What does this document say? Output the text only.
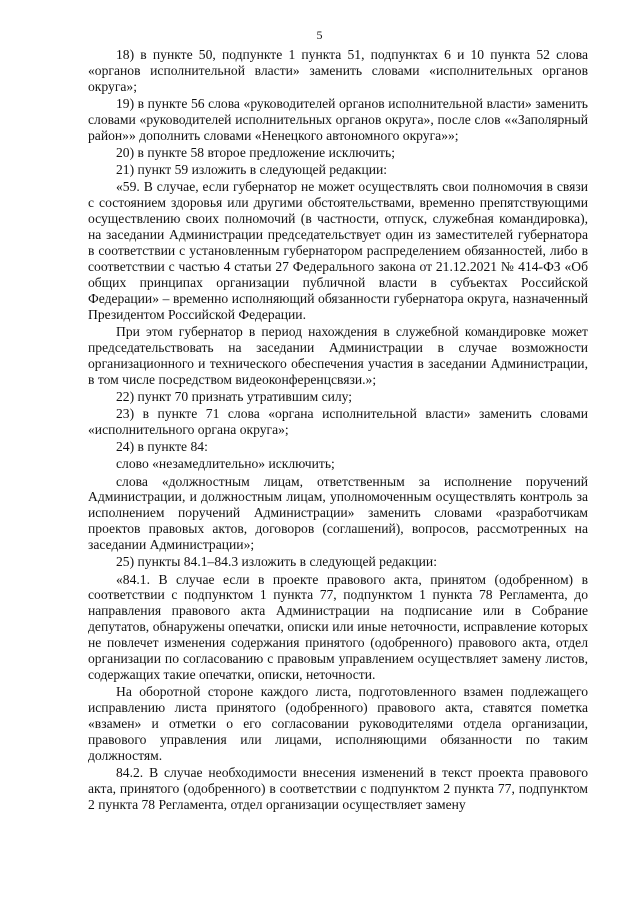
5

18) в пункте 50, подпункте 1 пункта 51, подпунктах 6 и 10 пункта 52 слова «органов исполнительной власти» заменить словами «исполнительных органов округа»;

19) в пункте 56 слова «руководителей органов исполнительной власти» заменить словами «руководителей исполнительных органов округа», после слов ««Заполярный район»» дополнить словами «Ненецкого автономного округа»»;

20) в пункте 58 второе предложение исключить;

21) пункт 59 изложить в следующей редакции:

«59. В случае, если губернатор не может осуществлять свои полномочия в связи с состоянием здоровья или другими обстоятельствами, временно препятствующими осуществлению своих полномочий (в частности, отпуск, служебная командировка), на заседании Администрации председательствует один из заместителей губернатора в соответствии с установленным губернатором распределением обязанностей, либо в соответствии с частью 4 статьи 27 Федерального закона от 21.12.2021 № 414-ФЗ «Об общих принципах организации публичной власти в субъектах Российской Федерации» – временно исполняющий обязанности губернатора округа, назначенный Президентом Российской Федерации.

При этом губернатор в период нахождения в служебной командировке может председательствовать на заседании Администрации в случае возможности организационного и технического обеспечения участия в заседании Администрации, в том числе посредством видеоконференцсвязи.»;

22) пункт 70 признать утратившим силу;

23) в пункте 71 слова «органа исполнительной власти» заменить словами «исполнительного органа округа»;

24) в пункте 84:

слово «незамедлительно» исключить;

слова «должностным лицам, ответственным за исполнение поручений Администрации, и должностным лицам, уполномоченным осуществлять контроль за исполнением поручений Администрации» заменить словами «разработчикам проектов правовых актов, договоров (соглашений), вопросов, рассмотренных на заседании Администрации»;

25) пункты 84.1–84.3 изложить в следующей редакции:

«84.1. В случае если в проекте правового акта, принятом (одобренном) в соответствии с подпунктом 1 пункта 77, подпунктом 1 пункта 78 Регламента, до направления правового акта Администрации на подписание или в Собрание депутатов, обнаружены опечатки, описки или иные неточности, исправление которых не повлечет изменения содержания принятого (одобренного) правового акта, отдел организации по согласованию с правовым управлением осуществляет замену листов, содержащих такие опечатки, описки, неточности.

На оборотной стороне каждого листа, подготовленного взамен подлежащего исправлению листа принятого (одобренного) правового акта, ставятся пометка «взамен» и отметки о его согласовании руководителями отдела организации, правового управления или лицами, исполняющими обязанности по таким должностям.

84.2. В случае необходимости внесения изменений в текст проекта правового акта, принятого (одобренного) в соответствии с подпунктом 2 пункта 77, подпунктом 2 пункта 78 Регламента, отдел организации осуществляет замену
